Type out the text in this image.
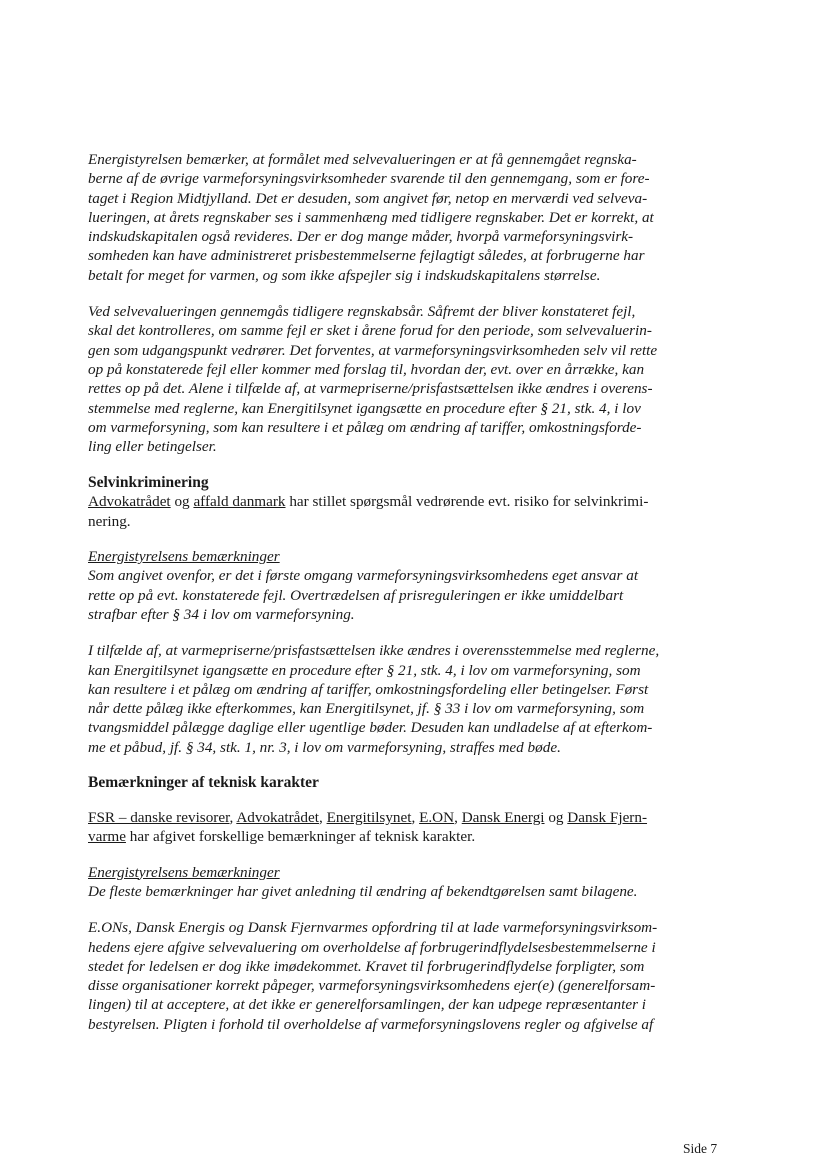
Energistyrelsen bemærker, at formålet med selvevalueringen er at få gennemgået regnska-
berne af de øvrige varmeforsyningsvirksomheder svarende til den gennemgang, som er fore-
taget i Region Midtjylland. Det er desuden, som angivet før, netop en merværdi ved selveva-
lueringen, at årets regnskaber ses i sammenhæng med tidligere regnskaber. Det er korrekt, at
indskudskapitalen også revideres. Der er dog mange måder, hvorpå varmeforsyningsvirk-
somheden kan have administreret prisbestemmelserne fejlagtigt således, at forbrugerne har
betalt for meget for varmen, og som ikke afspejler sig i indskudskapitalens størrelse.

Ved selvevalueringen gennemgås tidligere regnskabsår. Såfremt der bliver konstateret fejl,
skal det kontrolleres, om samme fejl er sket i årene forud for den periode, som selvevaluerin-
gen som udgangspunkt vedrører. Det forventes, at varmeforsyningsvirksomheden selv vil rette
op på konstaterede fejl eller kommer med forslag til, hvordan der, evt. over en årrække, kan
rettes op på det. Alene i tilfælde af, at varmepriserne/prisfastsættelsen ikke ændres i overens-
stemmelse med reglerne, kan Energitilsynet igangsætte en procedure efter § 21, stk. 4, i lov
om varmeforsyning, som kan resultere i et pålæg om ændring af tariffer, omkostningsforde-
ling eller betingelser.

Selvinkriminering

Advokatrådet og affald danmark har stillet spørgsmål vedrørende evt. risiko for selvinkrimi-
nering.

Energistyrelsens bemærkninger
Som angivet ovenfor, er det i første omgang varmeforsyningsvirksomhedens eget ansvar at
rette op på evt. konstaterede fejl. Overtrædelsen af prisreguleringen er ikke umiddelbart
strafbar efter § 34 i lov om varmeforsyning.

I tilfælde af, at varmepriserne/prisfastsættelsen ikke ændres i overensstemmelse med reglerne,
kan Energitilsynet igangsætte en procedure efter § 21, stk. 4, i lov om varmeforsyning, som
kan resultere i et pålæg om ændring af tariffer, omkostningsfordeling eller betingelser. Først
når dette pålæg ikke efterkommes, kan Energitilsynet, jf. § 33 i lov om varmeforsyning, som
tvangsmiddel pålægge daglige eller ugentlige bøder. Desuden kan undladelse af at efterkom-
me et påbud, jf. § 34, stk. 1, nr. 3, i lov om varmeforsyning, straffes med bøde.

Bemærkninger af teknisk karakter

FSR – danske revisorer, Advokatrådet, Energitilsynet, E.ON, Dansk Energi og Dansk Fjern-
varme har afgivet forskellige bemærkninger af teknisk karakter.

Energistyrelsens bemærkninger
De fleste bemærkninger har givet anledning til ændring af bekendtgørelsen samt bilagene.

E.ONs, Dansk Energis og Dansk Fjernvarmes opfordring til at lade varmeforsyningsvirksom-
hedens ejere afgive selvevaluering om overholdelse af forbrugerindflydelsesbestemmelserne i
stedet for ledelsen er dog ikke imødekommet. Kravet til forbrugerindflydelse forpligter, som
disse organisationer korrekt påpeger, varmeforsyningsvirksomhedens ejer(e) (generelforsam-
lingen) til at acceptere, at det ikke er generelforsamlingen, der kan udpege repræsentanter i
bestyrelsen. Pligten i forhold til overholdelse af varmeforsyningslovens regler og afgivelse af

Side 7
